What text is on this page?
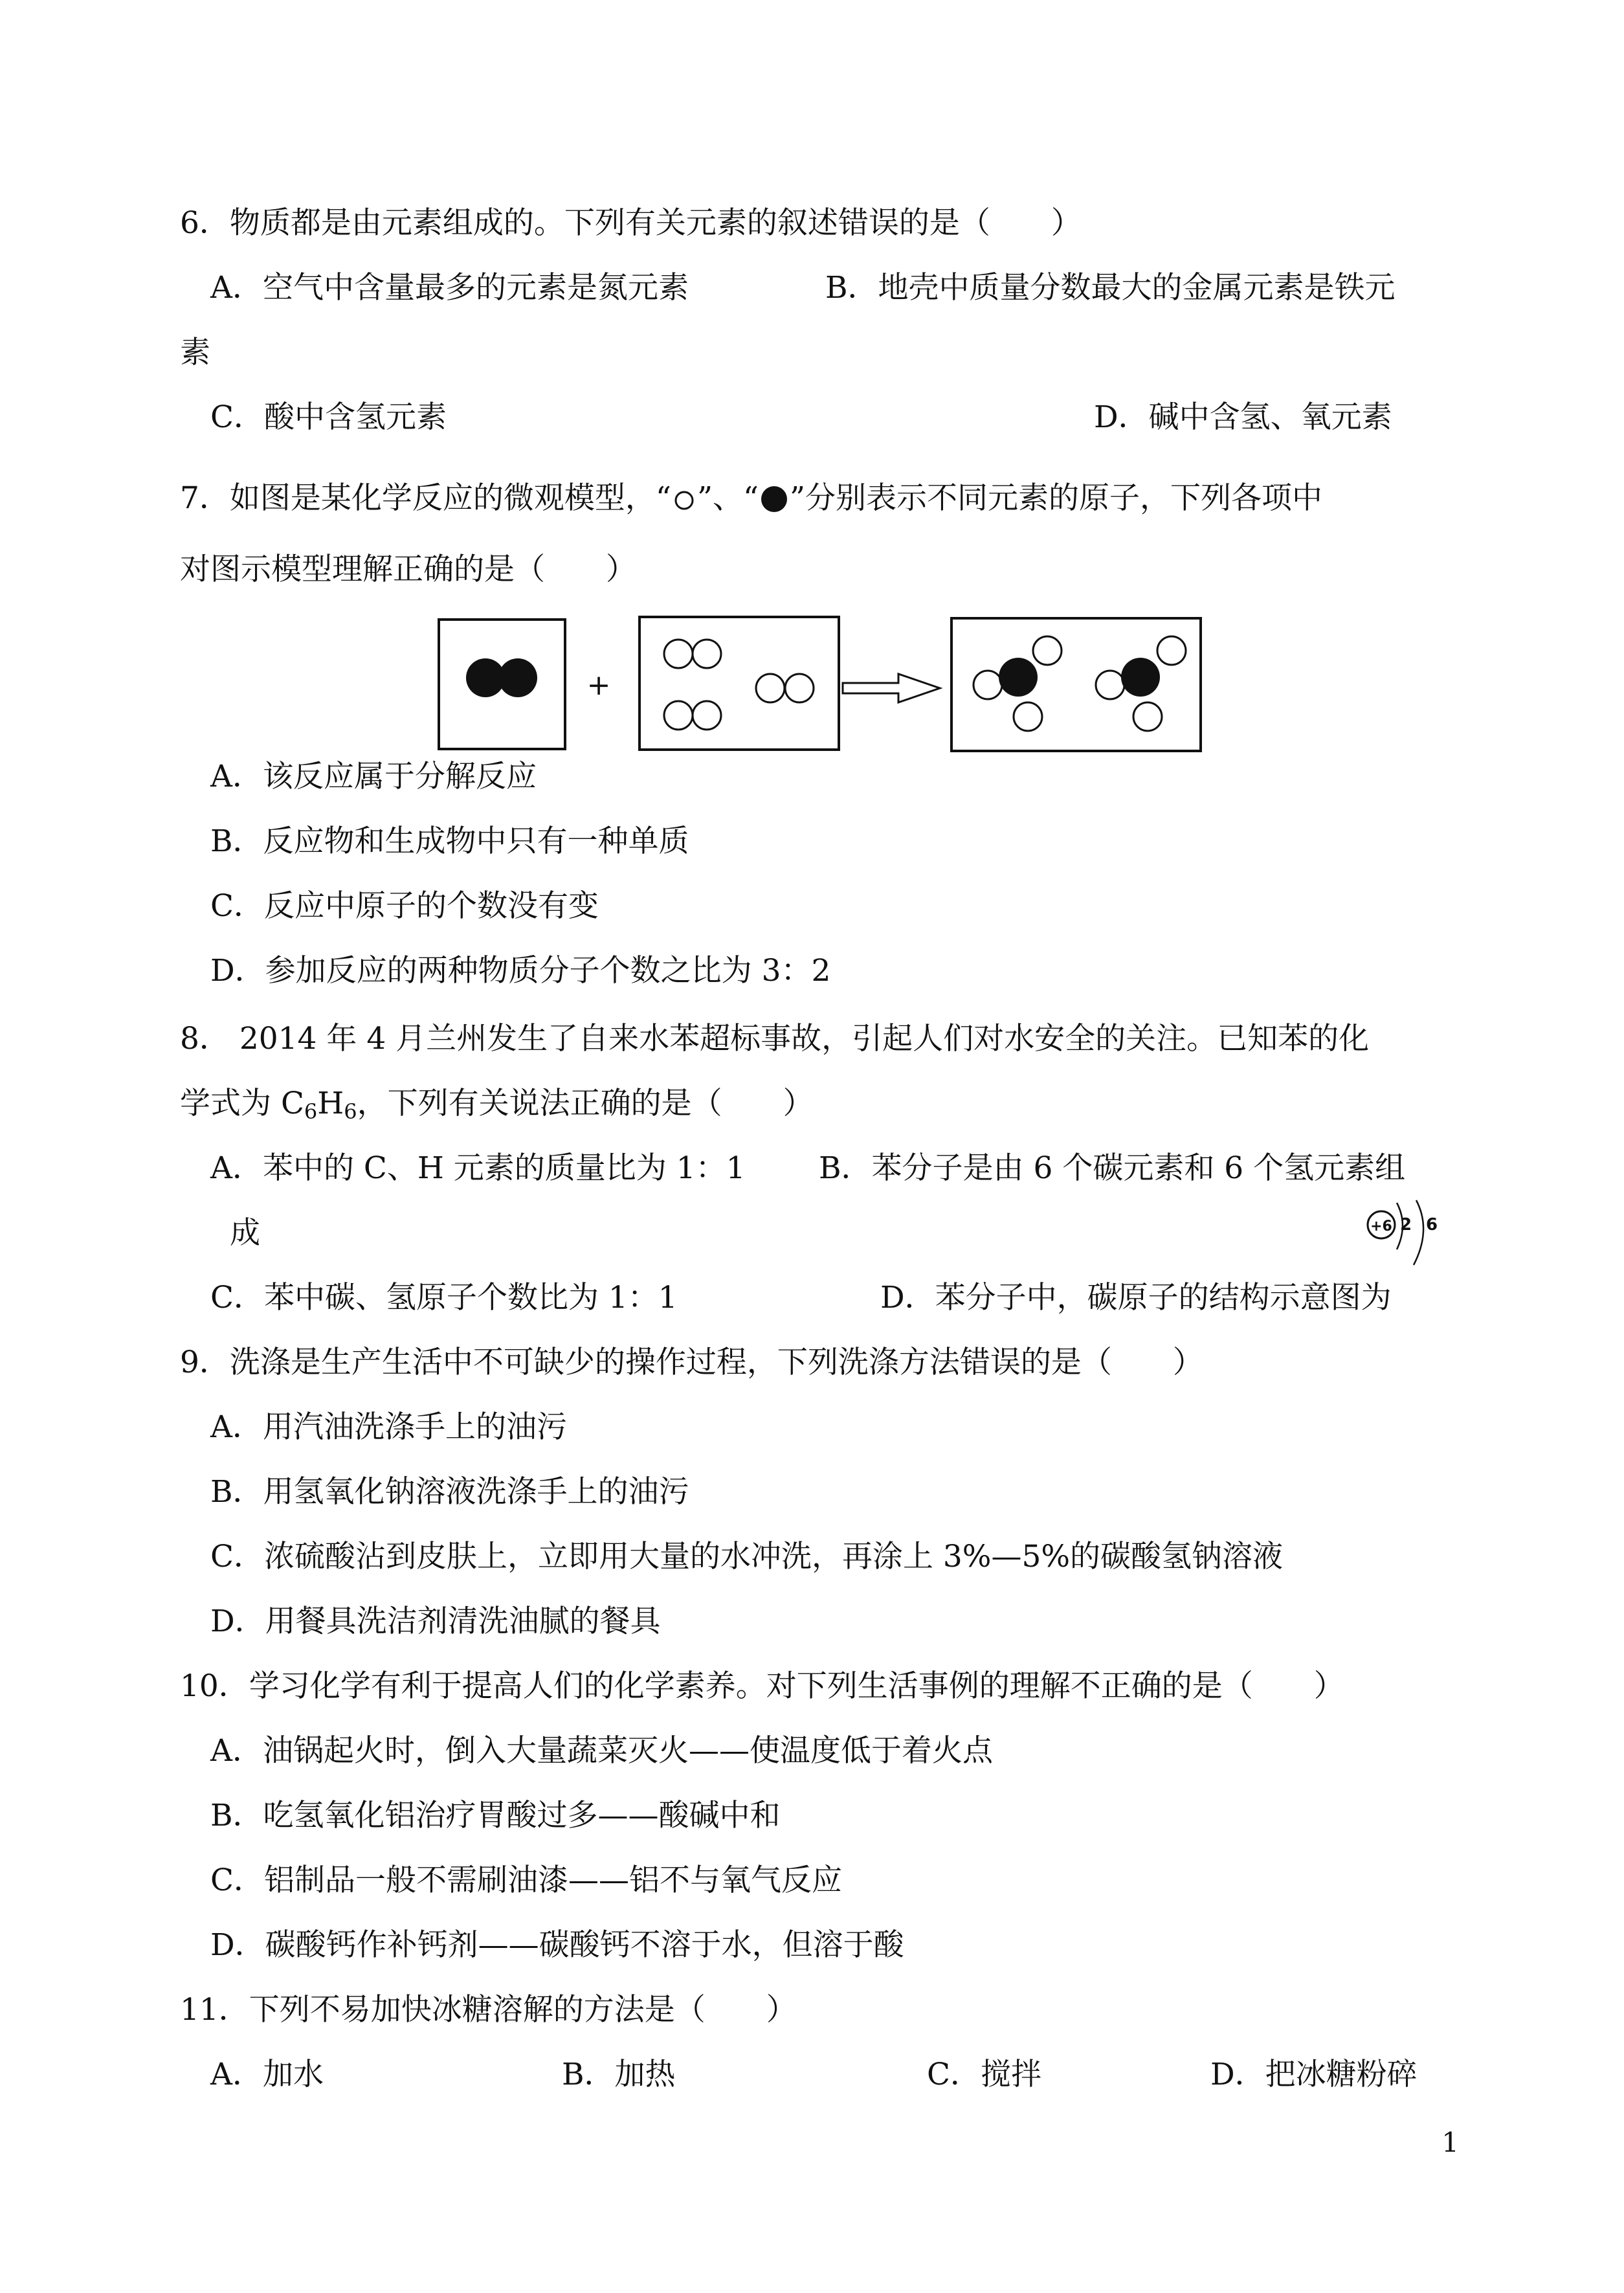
6．物质都是由元素组成的。下列有关元素的叙述错误的是（　　）
A．空气中含量最多的元素是氮元素	B．地壳中质量分数最大的金属元素是铁元
素
C．酸中含氢元素	D．碱中含氢、氧元素
7．如图是某化学反应的微观模型，“ ”、“ ”分别表示不同元素的原子，下列各项中
对图示模型理解正确的是（　　）
+
A．该反应属于分解反应
B．反应物和生成物中只有一种单质
C．反应中原子的个数没有变
D．参加反应的两种物质分子个数之比为 3：2
8． 2014 年 4 月兰州发生了自来水苯超标事故，引起人们对水安全的关注。已知苯的化
学式为 $C_6H_6$，下列有关说法正确的是（　　）
A．苯中的 C、H 元素的质量比为 1：1 B．苯分子是由 6 个碳元素和 6 个氢元素组
成
C．苯中碳、氢原子个数比为 1：1	D．苯分子中，碳原子的结构示意图为
+6 2 6
9．洗涤是生产生活中不可缺少的操作过程，下列洗涤方法错误的是（　　）
A．用汽油洗涤手上的油污
B．用氢氧化钠溶液洗涤手上的油污
C．浓硫酸沾到皮肤上，立即用大量的水冲洗，再涂上 3%—5%的碳酸氢钠溶液
D．用餐具洗洁剂清洗油腻的餐具
10．学习化学有利于提高人们的化学素养。对下列生活事例的理解不正确的是（　　）
A．油锅起火时，倒入大量蔬菜灭火——使温度低于着火点
B．吃氢氧化铝治疗胃酸过多——酸碱中和
C．铝制品一般不需刷油漆——铝不与氧气反应
D．碳酸钙作补钙剂——碳酸钙不溶于水，但溶于酸
11．下列不易加快冰糖溶解的方法是（　　）
A．加水	B．加热	C．搅拌	D．把冰糖粉碎
1
